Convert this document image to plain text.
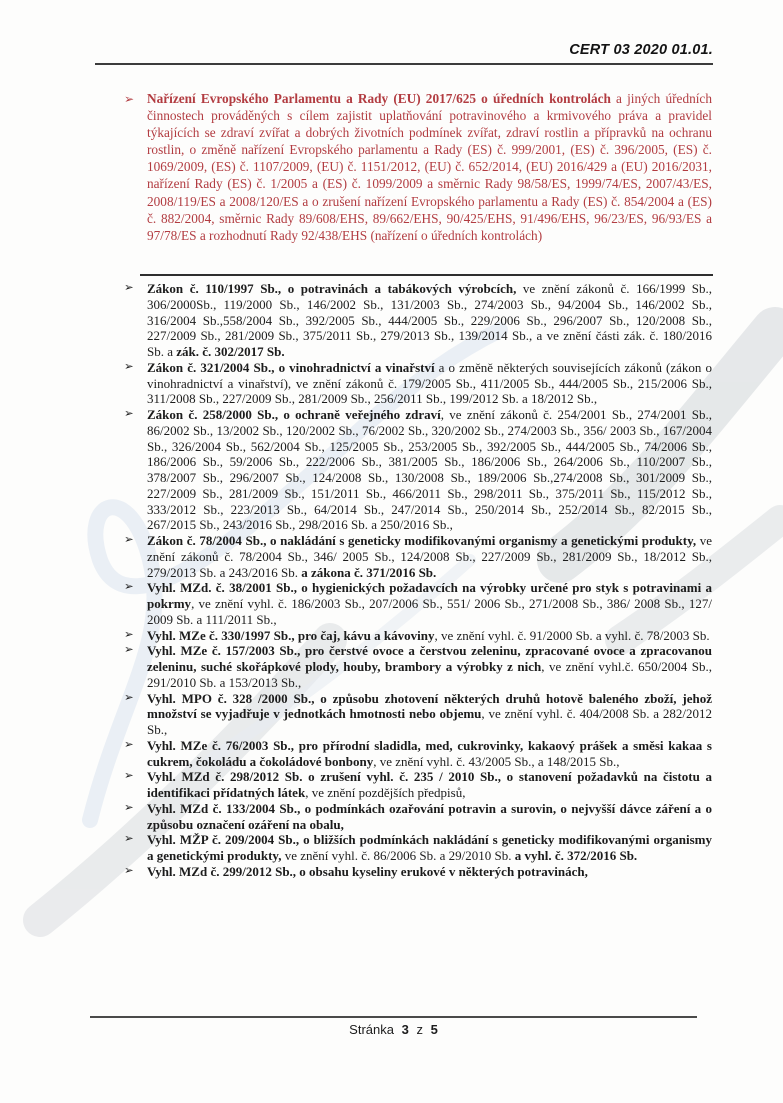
CERT 03 2020 01.01.
➢ Nařízení Evropského Parlamentu a Rady (EU) 2017/625 o úředních kontrolách a jiných úředních činnostech prováděných s cílem zajistit uplatňování potravinového a krmivového práva a pravidel týkajících se zdraví zvířat a dobrých životních podmínek zvířat, zdraví rostlin a přípravků na ochranu rostlin, o změně nařízení Evropského parlamentu a Rady (ES) č. 999/2001, (ES) č. 396/2005, (ES) č. 1069/2009, (ES) č. 1107/2009, (EU) č. 1151/2012, (EU) č. 652/2014, (EU) 2016/429 a (EU) 2016/2031, nařízení Rady (ES) č. 1/2005 a (ES) č. 1099/2009 a směrnic Rady 98/58/ES, 1999/74/ES, 2007/43/ES, 2008/119/ES a 2008/120/ES a o zrušení nařízení Evropského parlamentu a Rady (ES) č. 854/2004 a (ES) č. 882/2004, směrnic Rady 89/608/EHS, 89/662/EHS, 90/425/EHS, 91/496/EHS, 96/23/ES, 96/93/ES a 97/78/ES a rozhodnutí Rady 92/438/EHS (nařízení o úředních kontrolách)
➢ Zákon č. 110/1997 Sb., o potravinách a tabákových výrobcích, ve znění zákonů č. 166/1999 Sb., 306/2000Sb., 119/2000 Sb., 146/2002 Sb., 131/2003 Sb., 274/2003 Sb., 94/2004 Sb., 146/2002 Sb., 316/2004 Sb.,558/2004 Sb., 392/2005 Sb., 444/2005 Sb., 229/2006 Sb., 296/2007 Sb., 120/2008 Sb., 227/2009 Sb., 281/2009 Sb., 375/2011 Sb., 279/2013 Sb., 139/2014 Sb., a ve znění části zák. č. 180/2016 Sb. a zák. č. 302/2017 Sb.
➢ Zákon č. 321/2004 Sb., o vinohradnictví a vinařství a o změně některých souvisejících zákonů (zákon o vinohradnictví a vinařství), ve znění zákonů č. 179/2005 Sb., 411/2005 Sb., 444/2005 Sb., 215/2006 Sb., 311/2008 Sb., 227/2009 Sb., 281/2009 Sb., 256/2011 Sb., 199/2012 Sb. a 18/2012 Sb.,
➢ Zákon č. 258/2000 Sb., o ochraně veřejného zdraví, ve znění zákonů č. 254/2001 Sb., 274/2001 Sb., 86/2002 Sb., 13/2002 Sb., 120/2002 Sb., 76/2002 Sb., 320/2002 Sb., 274/2003 Sb., 356/ 2003 Sb., 167/2004 Sb., 326/2004 Sb., 562/2004 Sb., 125/2005 Sb., 253/2005 Sb., 392/2005 Sb., 444/2005 Sb., 74/2006 Sb., 186/2006 Sb., 59/2006 Sb., 222/2006 Sb., 381/2005 Sb., 186/2006 Sb., 264/2006 Sb., 110/2007 Sb., 378/2007 Sb., 296/2007 Sb., 124/2008 Sb., 130/2008 Sb., 189/2006 Sb.,274/2008 Sb., 301/2009 Sb., 227/2009 Sb., 281/2009 Sb., 151/2011 Sb., 466/2011 Sb., 298/2011 Sb., 375/2011 Sb., 115/2012 Sb., 333/2012 Sb., 223/2013 Sb., 64/2014 Sb., 247/2014 Sb., 250/2014 Sb., 252/2014 Sb., 82/2015 Sb., 267/2015 Sb., 243/2016 Sb., 298/2016 Sb. a 250/2016 Sb.,
➢ Zákon č. 78/2004 Sb., o nakládání s geneticky modifikovanými organismy a genetickými produkty, ve znění zákonů č. 78/2004 Sb., 346/ 2005 Sb., 124/2008 Sb., 227/2009 Sb., 281/2009 Sb., 18/2012 Sb., 279/2013 Sb. a 243/2016 Sb. a zákona č. 371/2016 Sb.
➢ Vyhl. MZd. č. 38/2001 Sb., o hygienických požadavcích na výrobky určené pro styk s potravinami a pokrmy, ve znění vyhl. č. 186/2003 Sb., 207/2006 Sb., 551/ 2006 Sb., 271/2008 Sb., 386/ 2008 Sb., 127/ 2009 Sb. a 111/2011 Sb.,
➢ Vyhl. MZe č. 330/1997 Sb., pro čaj, kávu a kávoviny, ve znění vyhl. č. 91/2000 Sb. a vyhl. č. 78/2003 Sb.
➢ Vyhl. MZe č. 157/2003 Sb., pro čerstvé ovoce a čerstvou zeleninu, zpracované ovoce a zpracovanou zeleninu, suché skořápkové plody, houby, brambory a výrobky z nich, ve znění vyhl.č. 650/2004 Sb., 291/2010 Sb. a 153/2013 Sb.,
➢ Vyhl. MPO č. 328 /2000 Sb., o způsobu zhotovení některých druhů hotově baleného zboží, jehož množství se vyjadřuje v jednotkách hmotnosti nebo objemu, ve znění vyhl. č. 404/2008 Sb. a 282/2012 Sb.,
➢ Vyhl. MZe č. 76/2003 Sb., pro přírodní sladidla, med, cukrovinky, kakaový prášek a směsi kakaa s cukrem, čokoládu a čokoládové bonbony, ve znění vyhl. č. 43/2005 Sb., a 148/2015 Sb.,
➢ Vyhl. MZd č. 298/2012 Sb. o zrušení vyhl. č. 235 / 2010 Sb., o stanovení požadavků na čistotu a identifikaci přídatných látek, ve znění pozdějších předpisů,
➢ Vyhl. MZd č. 133/2004 Sb., o podmínkách ozařování potravin a surovin, o nejvyšší dávce záření a o způsobu označení ozáření na obalu,
➢ Vyhl. MŽP č. 209/2004 Sb., o bližších podmínkách nakládání s geneticky modifikovanými organismy a genetickými produkty, ve znění vyhl. č. 86/2006 Sb. a 29/2010 Sb. a vyhl. č. 372/2016 Sb.
➢ Vyhl. MZd č. 299/2012 Sb., o obsahu kyseliny erukové v některých potravinách,
Stránka 3 z 5
